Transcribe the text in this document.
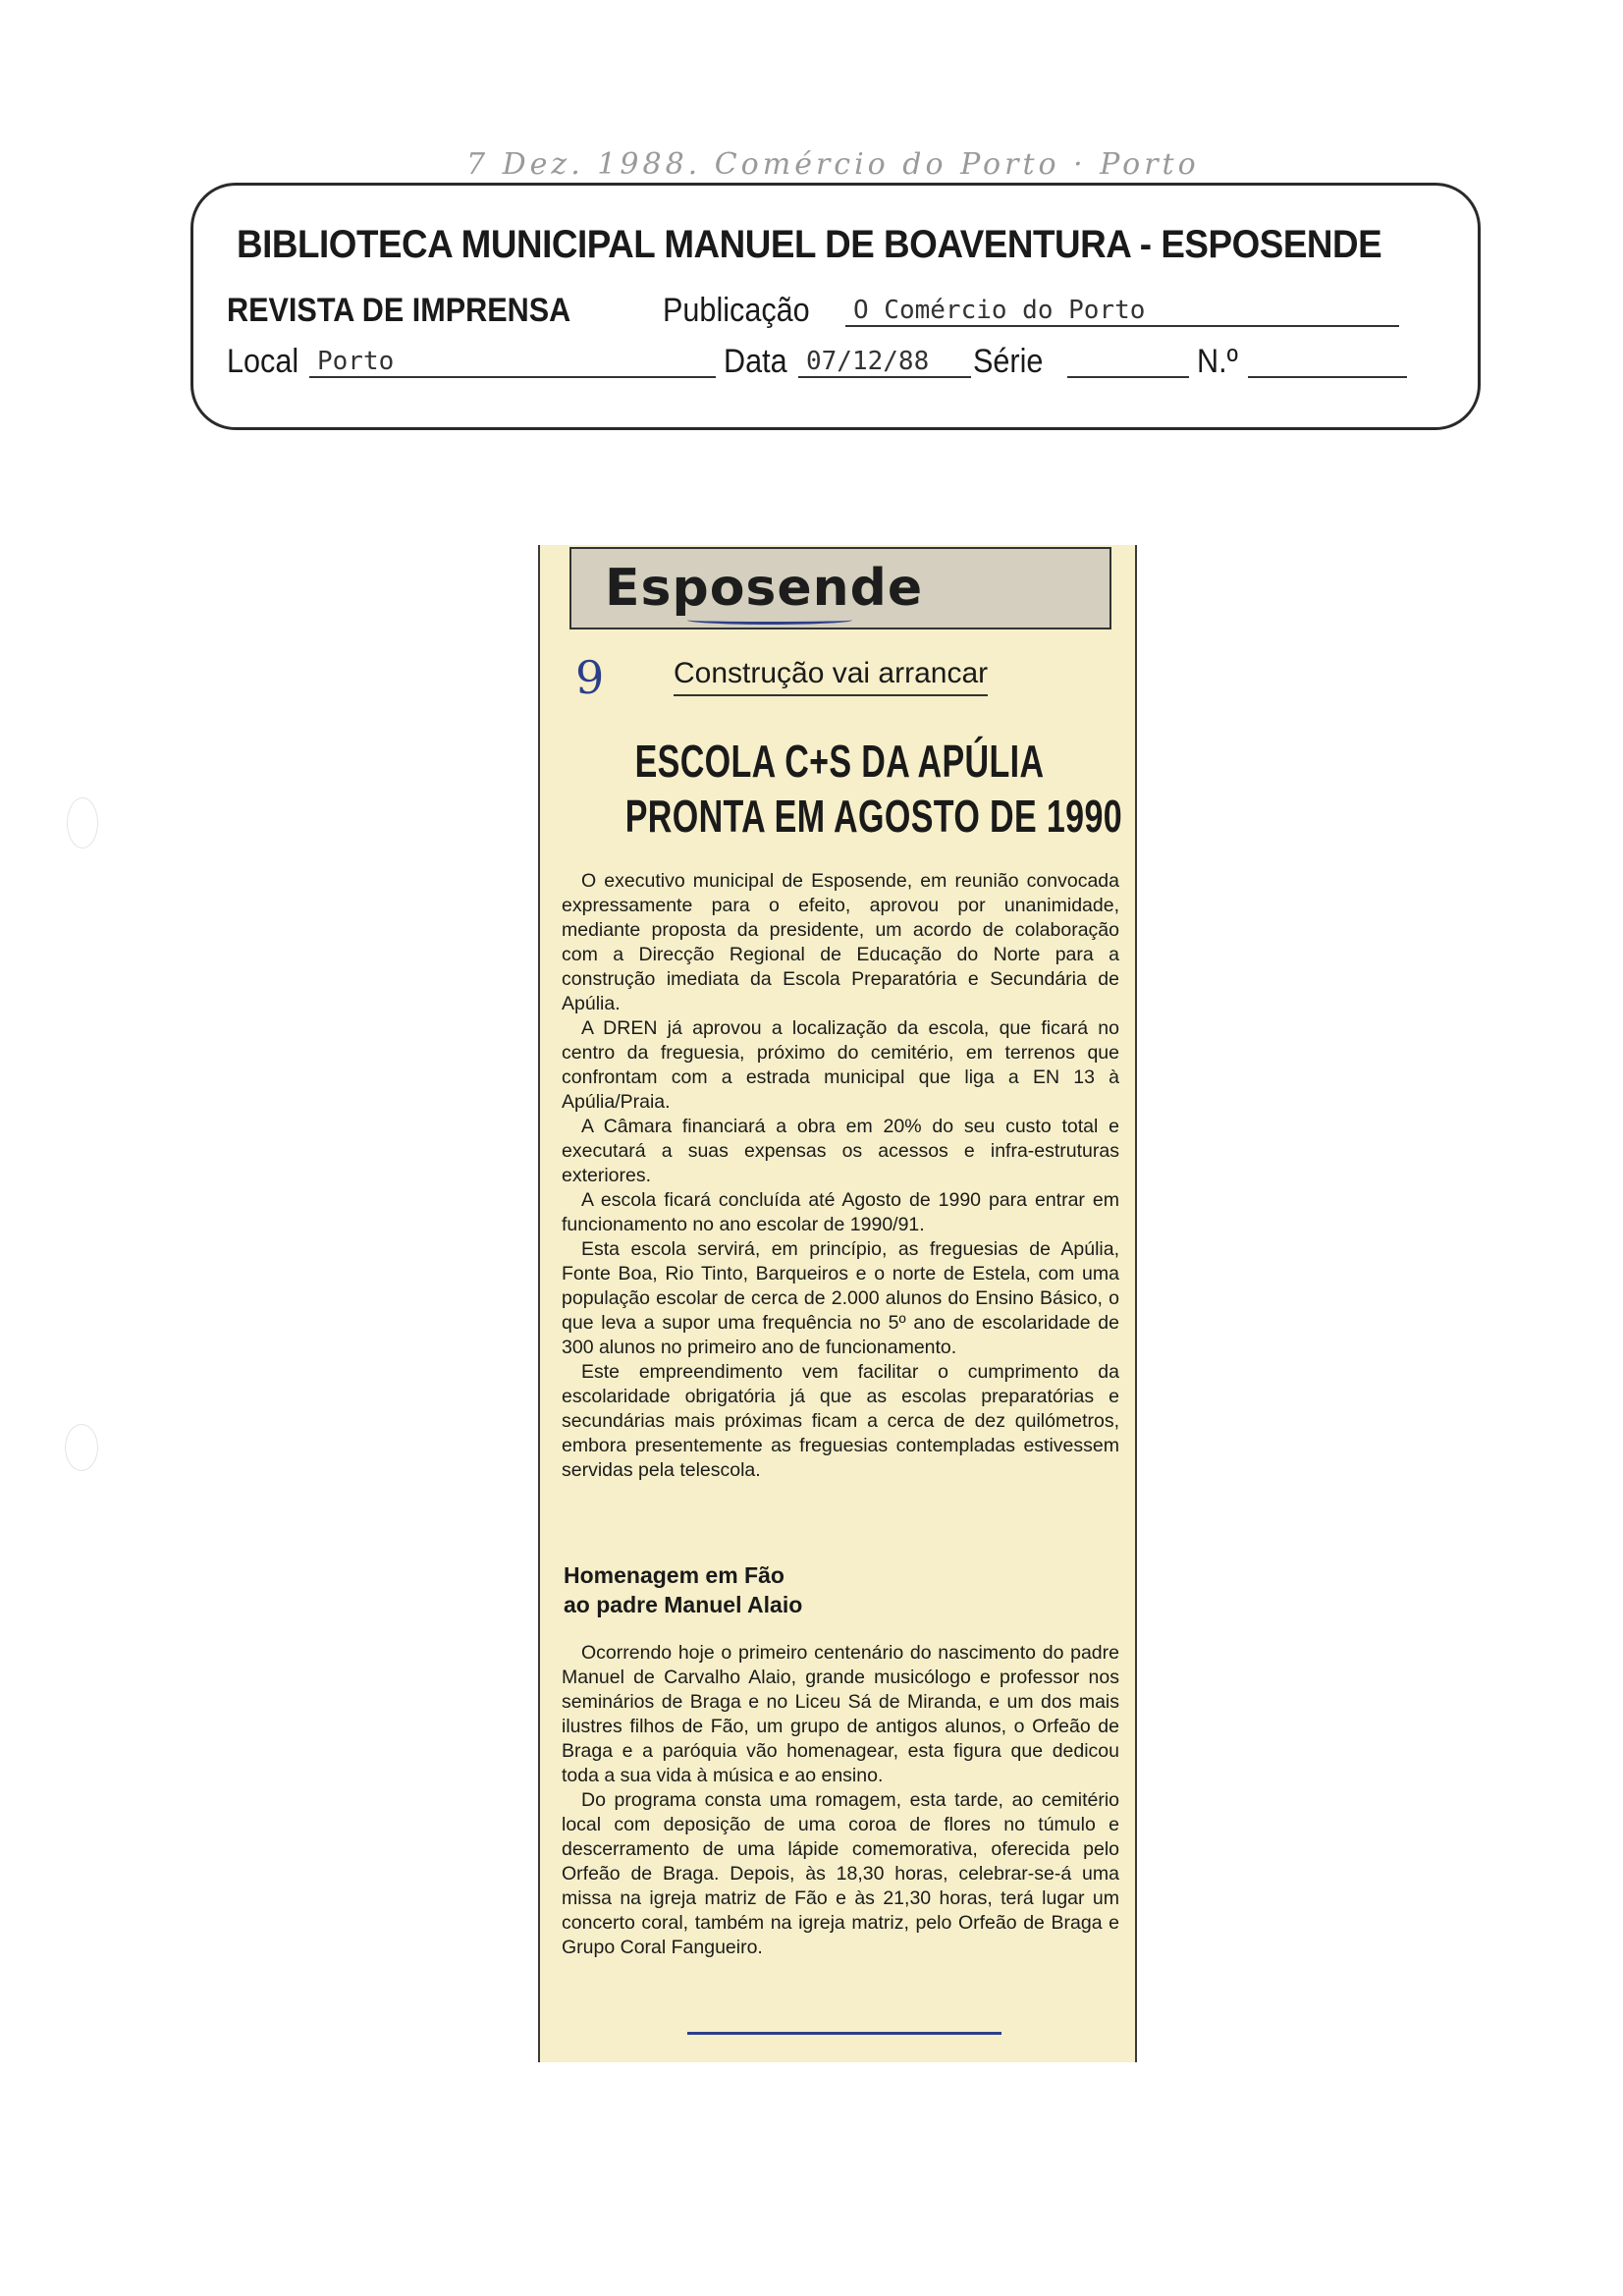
7 Dez. 1988. Comércio do Porto · Porto
BIBLIOTECA MUNICIPAL MANUEL DE BOAVENTURA - ESPOSENDE
REVISTA DE IMPRENSA	Publicação	O Comércio do Porto
Local Porto	Data 07/12/88	Série	N.º
Esposende
9 Construção vai arrancar
ESCOLA C+S DA APÚLIA
PRONTA EM AGOSTO DE 1990

O executivo municipal de Esposende, em reunião convocada expressamente para o efeito, aprovou por unanimidade, mediante proposta da presidente, um acordo de colaboração com a Direcção Regional de Educação do Norte para a construção imediata da Escola Preparatória e Secundária de Apúlia.

A DREN já aprovou a localização da escola, que ficará no centro da freguesia, próximo do cemitério, em terrenos que confrontam com a estrada municipal que liga a EN 13 à Apúlia/Praia.

A Câmara financiará a obra em 20% do seu custo total e executará a suas expensas os acessos e infra-estruturas exteriores.

A escola ficará concluída até Agosto de 1990 para entrar em funcionamento no ano escolar de 1990/91.

Esta escola servirá, em princípio, as freguesias de Apúlia, Fonte Boa, Rio Tinto, Barqueiros e o norte de Estela, com uma população escolar de cerca de 2.000 alunos do Ensino Básico, o que leva a supor uma frequência no 5º ano de escolaridade de 300 alunos no primeiro ano de funcionamento.

Este empreendimento vem facilitar o cumprimento da escolaridade obrigatória já que as escolas preparatórias e secundárias mais próximas ficam a cerca de dez quilómetros, embora presentemente as freguesias contempladas estivessem servidas pela telescola.

Homenagem em Fão
ao padre Manuel Alaio

Ocorrendo hoje o primeiro centenário do nascimento do padre Manuel de Carvalho Alaio, grande musicólogo e professor nos seminários de Braga e no Liceu Sá de Miranda, e um dos mais ilustres filhos de Fão, um grupo de antigos alunos, o Orfeão de Braga e a paróquia vão homenagear, esta figura que dedicou toda a sua vida à música e ao ensino.

Do programa consta uma romagem, esta tarde, ao cemitério local com deposição de uma coroa de flores no túmulo e descerramento de uma lápide comemorativa, oferecida pelo Orfeão de Braga. Depois, às 18,30 horas, celebrar-se-á uma missa na igreja matriz de Fão e às 21,30 horas, terá lugar um concerto coral, também na igreja matriz, pelo Orfeão de Braga e Grupo Coral Fangueiro.
